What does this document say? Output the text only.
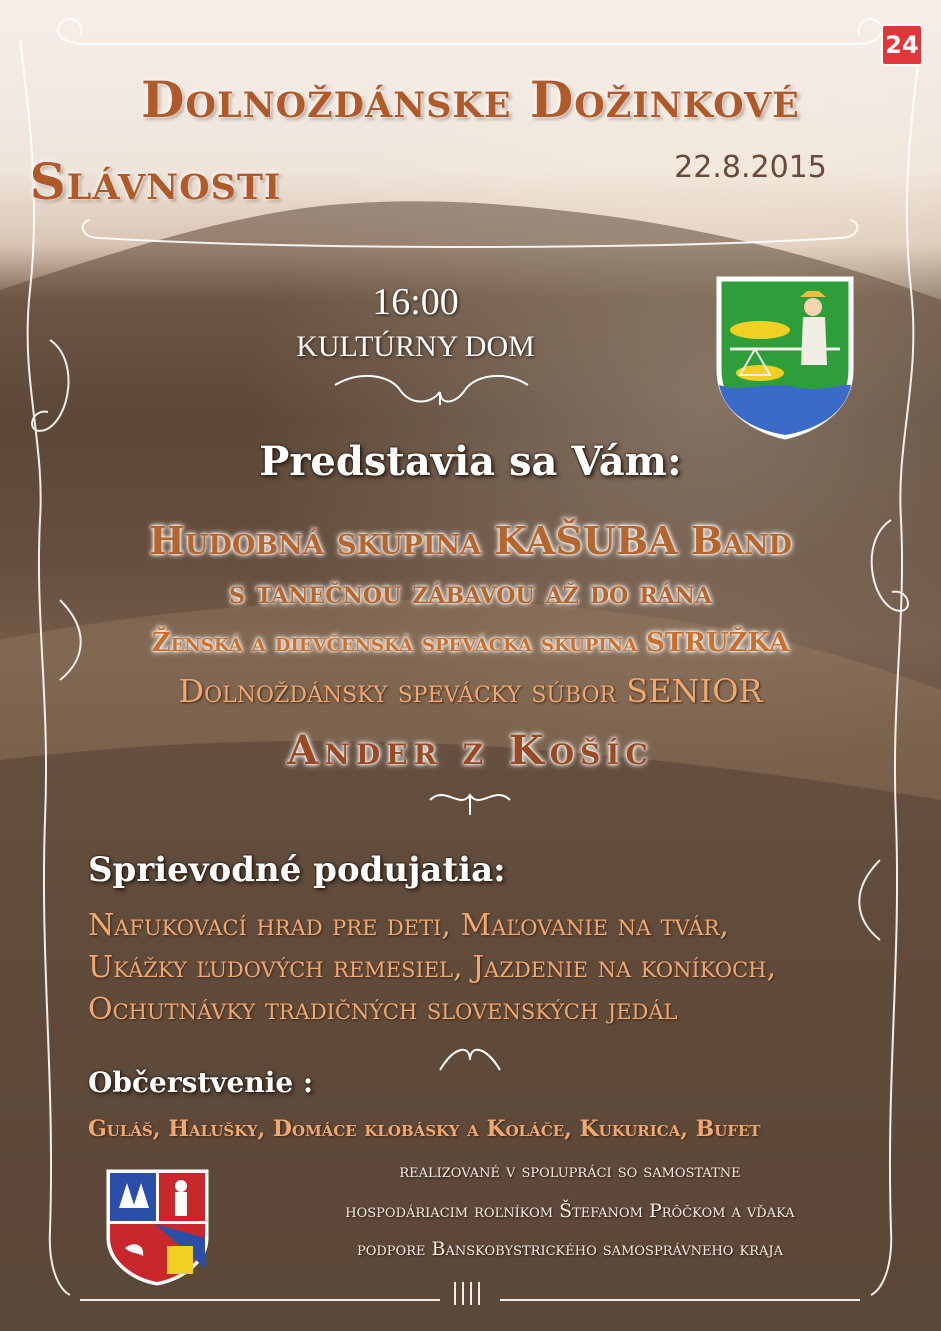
24
Dolnoždánske Dožinkové
Slávnosti	22.8.2015
16:00
KULTÚRNY DOM
Predstavia sa Vám:
Hudobná skupina KAŠUBA Band
s tanečnou zábavou až do rána
Ženská a dievčenská spevácka skupina STRUŽKA
Dolnoždánsky spevácky súbor SENIOR
Ander z Košíc
Sprievodné podujatia:
Nafukovací hrad pre deti, Maľovanie na tvár,
Ukážky ľudových remesiel, Jazdenie na koníkoch,
Ochutnávky tradičných slovenských jedál
Občerstvenie :
Guláš, Halušky, Domáce klobásky a Koláče, Kukurica, Bufet
realizované v spolupráci so samostatne
hospodáriacim roľníkom Štefanom Prôčkom a vďaka
podpore Banskobystrického samosprávneho kraja
